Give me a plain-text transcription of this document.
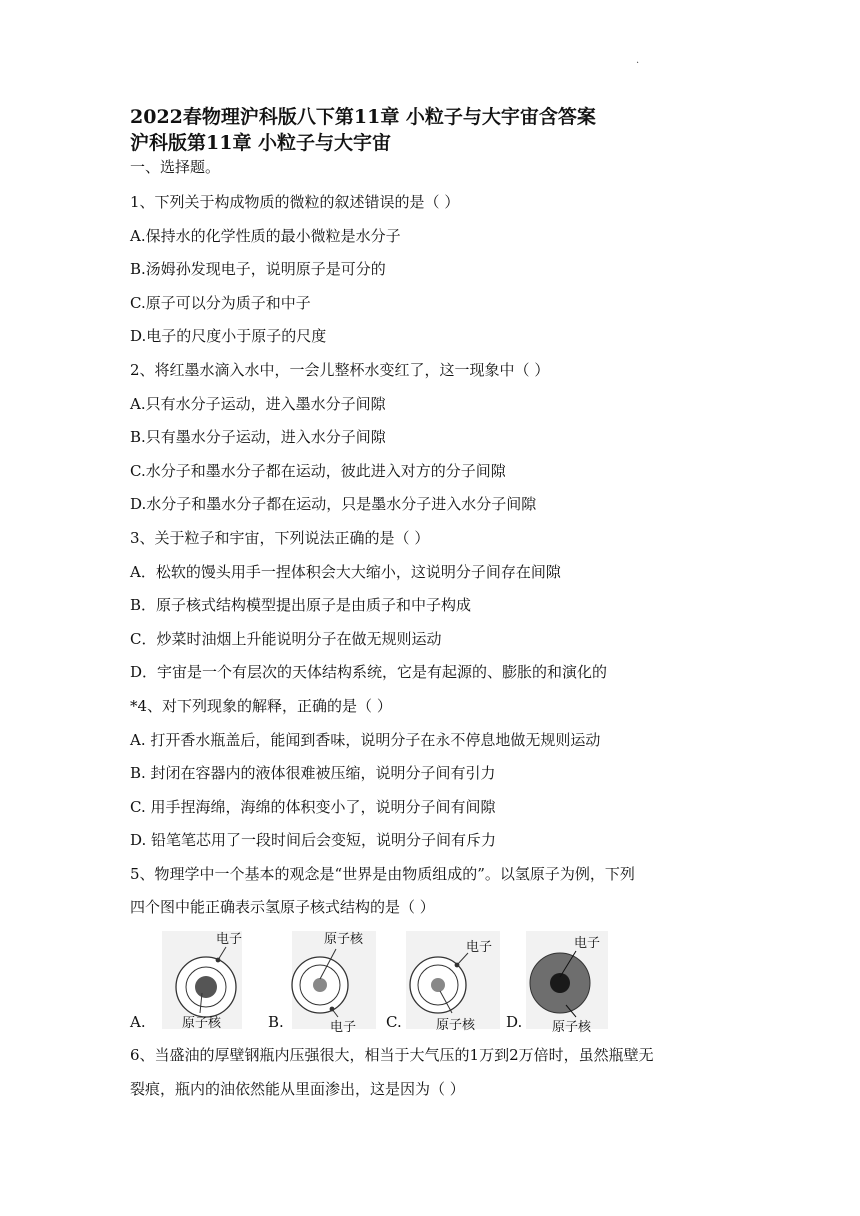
·
2022春物理沪科版八下第11章 小粒子与大宇宙含答案
沪科版第11章 小粒子与大宇宙
一、选择题。
1、下列关于构成物质的微粒的叙述错误的是（ ）
A.保持水的化学性质的最小微粒是水分子
B.汤姆孙发现电子，说明原子是可分的
C.原子可以分为质子和中子
D.电子的尺度小于原子的尺度
2、将红墨水滴入水中，一会儿整杯水变红了，这一现象中（ ）
A.只有水分子运动，进入墨水分子间隙
B.只有墨水分子运动，进入水分子间隙
C.水分子和墨水分子都在运动，彼此进入对方的分子间隙
D.水分子和墨水分子都在运动，只是墨水分子进入水分子间隙
3、关于粒子和宇宙，下列说法正确的是（ ）
A．松软的馒头用手一捏体积会大大缩小，这说明分子间存在间隙
B．原子核式结构模型提出原子是由质子和中子构成
C．炒菜时油烟上升能说明分子在做无规则运动
D．宇宙是一个有层次的天体结构系统，它是有起源的、膨胀的和演化的
*4、对下列现象的解释，正确的是（ ）
A. 打开香水瓶盖后，能闻到香味，说明分子在永不停息地做无规则运动
B. 封闭在容器内的液体很难被压缩，说明分子间有引力
C. 用手捏海绵，海绵的体积变小了，说明分子间有间隙
D. 铅笔笔芯用了一段时间后会变短，说明分子间有斥力
5、物理学中一个基本的观念是“世界是由物质组成的”。以氢原子为例，下列
四个图中能正确表示氢原子核式结构的是（ ）
A.
电子
原子核	B.
原子核
电子 C.
电子
原子核 D.
电子
原子核
6、当盛油的厚壁钢瓶内压强很大，相当于大气压的1万到2万倍时，虽然瓶壁无
裂痕，瓶内的油依然能从里面渗出，这是因为（ ）
